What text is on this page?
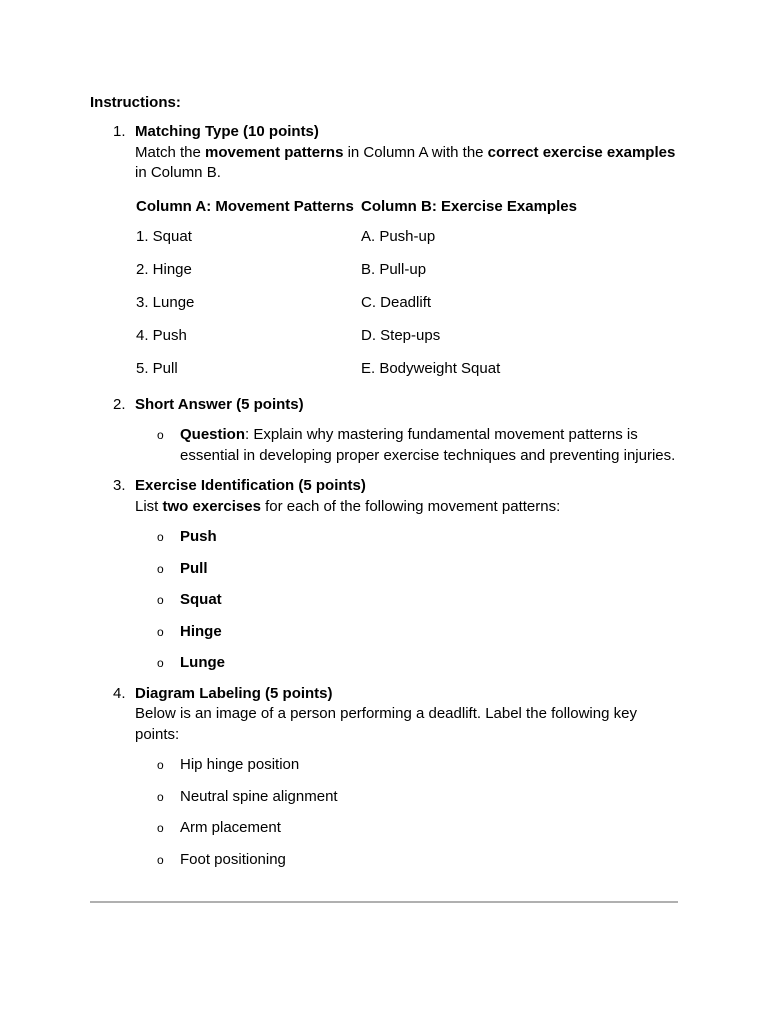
Instructions:
1. Matching Type (10 points)
Match the movement patterns in Column A with the correct exercise examples in Column B.
Column A: Movement Patterns	Column B: Exercise Examples
1. Squat	A. Push-up
2. Hinge	B. Pull-up
3. Lunge	C. Deadlift
4. Push	D. Step-ups
5. Pull	E. Bodyweight Squat
2. Short Answer (5 points)
o Question: Explain why mastering fundamental movement patterns is essential in developing proper exercise techniques and preventing injuries.
3. Exercise Identification (5 points)
List two exercises for each of the following movement patterns:
o Push
o Pull
o Squat
o Hinge
o Lunge
4. Diagram Labeling (5 points)
Below is an image of a person performing a deadlift. Label the following key points:
o Hip hinge position
o Neutral spine alignment
o Arm placement
o Foot positioning
